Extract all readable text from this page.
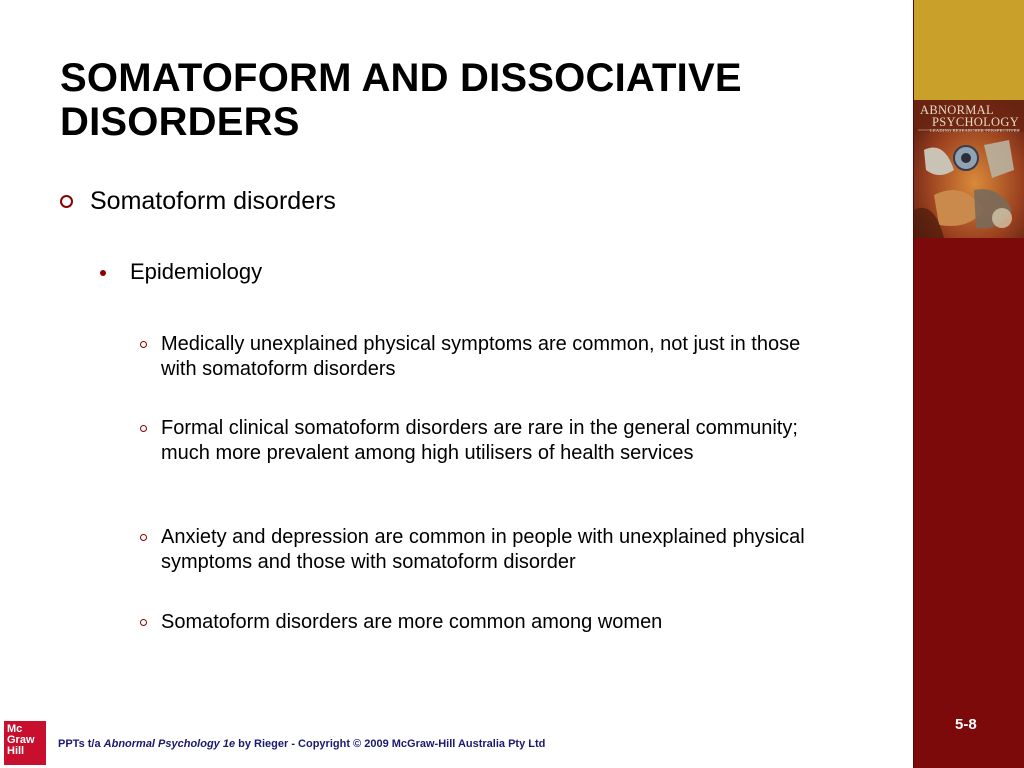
SOMATOFORM AND DISSOCIATIVE
DISORDERS
Somatoform disorders
Epidemiology
Medically unexplained physical symptoms are common, not just in those with somatoform disorders
Formal clinical somatoform disorders are rare in the general community; much more prevalent among high utilisers of health services
Anxiety and depression are common in people with unexplained physical symptoms and those with somatoform disorder
Somatoform disorders are more common among women
ABNORMAL
PSYCHOLOGY
LEADING RESEARCHER PERSPECTIVES
5-8
Mc
Graw
Hill
PPTs t/a Abnormal Psychology 1e by Rieger - Copyright © 2009 McGraw-Hill Australia Pty Ltd
